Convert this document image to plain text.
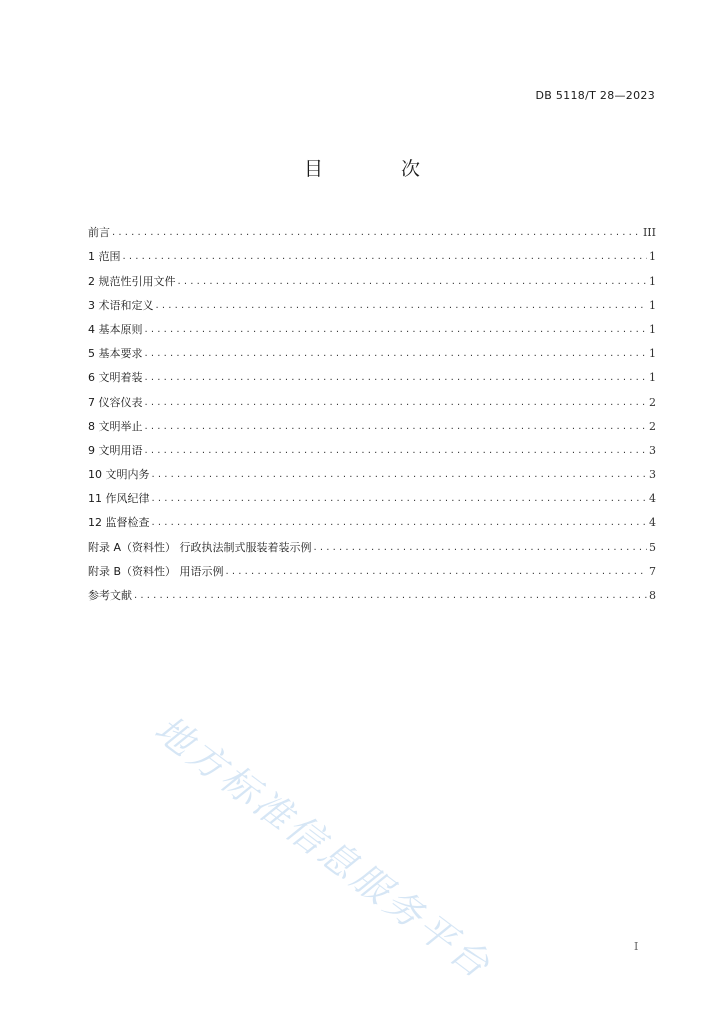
DB 5118/T 28—2023
目 次
前言 .....	III
1 范围 .....	1
2 规范性引用文件 .....	1
3 术语和定义 .....	1
4 基本原则 .....	1
5 基本要求 .....	1
6 文明着装 .....	1
7 仪容仪表 .....	2
8 文明举止 .....	2
9 文明用语 .....	3
10 文明内务 .....	3
11 作风纪律 .....	4
12 监督检查 .....	4
附录 A（资料性） 行政执法制式服装着装示例 .....	5
附录 B（资料性） 用语示例 .....	7
参考文献 .....	8
地方标准信息服务平台	I
